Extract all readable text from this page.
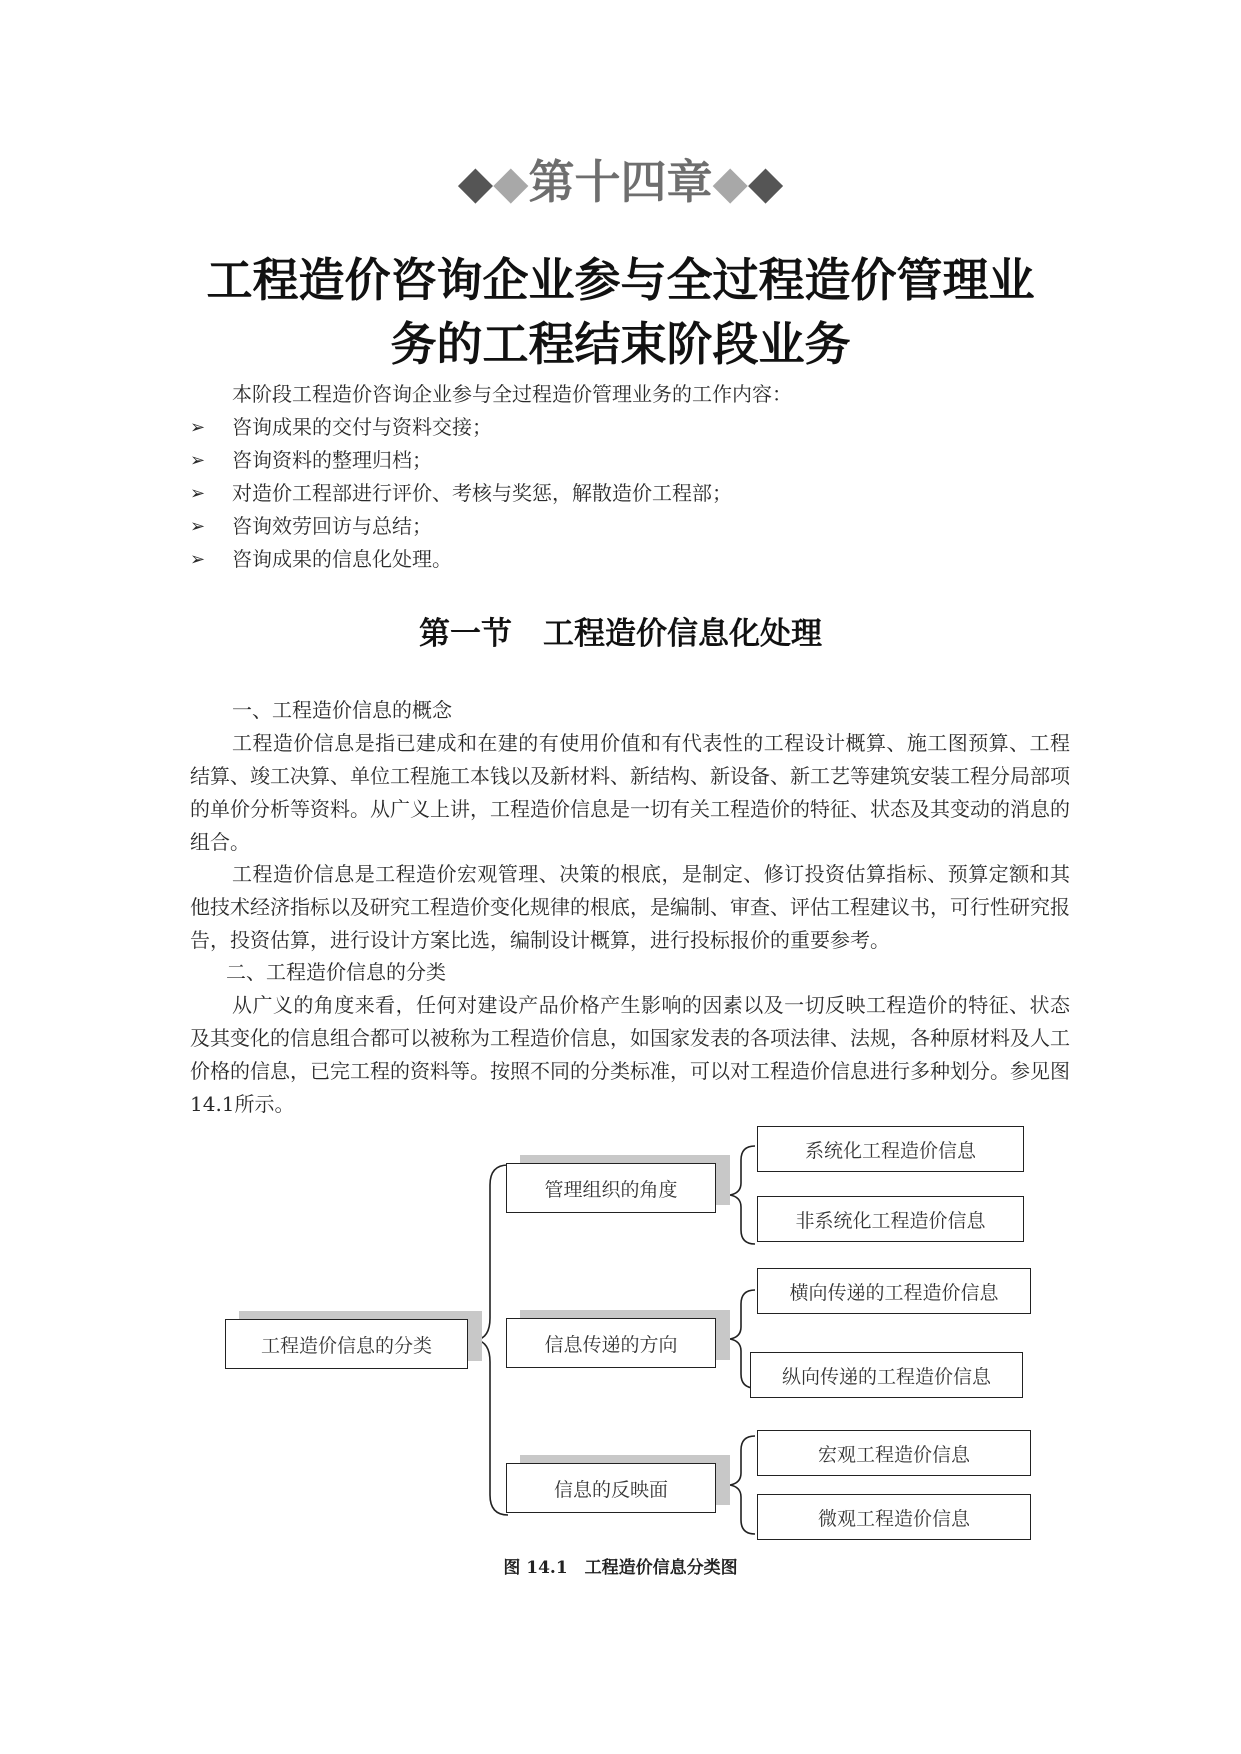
◆◆第十四章◆◆
工程造价咨询企业参与全过程造价管理业
务的工程结束阶段业务
本阶段工程造价咨询企业参与全过程造价管理业务的工作内容：
➢ 咨询成果的交付与资料交接；
➢ 咨询资料的整理归档；
➢ 对造价工程部进行评价、考核与奖惩，解散造价工程部；
➢ 咨询效劳回访与总结；
➢ 咨询成果的信息化处理。
第一节　工程造价信息化处理
一、工程造价信息的概念
工程造价信息是指已建成和在建的有使用价值和有代表性的工程设计概算、施工图预算、工程结算、竣工决算、单位工程施工本钱以及新材料、新结构、新设备、新工艺等建筑安装工程分局部项的单价分析等资料。从广义上讲，工程造价信息是一切有关工程造价的特征、状态及其变动的消息的组合。
工程造价信息是工程造价宏观管理、决策的根底，是制定、修订投资估算指标、预算定额和其他技术经济指标以及研究工程造价变化规律的根底，是编制、审查、评估工程建议书，可行性研究报告，投资估算，进行设计方案比选，编制设计概算，进行投标报价的重要参考。
二、工程造价信息的分类
从广义的角度来看，任何对建设产品价格产生影响的因素以及一切反映工程造价的特征、状态及其变化的信息组合都可以被称为工程造价信息，如国家发表的各项法律、法规，各种原材料及人工价格的信息，已完工程的资料等。按照不同的分类标准，可以对工程造价信息进行多种划分。参见图14.1所示。
工程造价信息的分类
管理组织的角度
信息传递的方向
信息的反映面
系统化工程造价信息
非系统化工程造价信息
横向传递的工程造价信息
纵向传递的工程造价信息
宏观工程造价信息
微观工程造价信息
图 14.1　工程造价信息分类图
